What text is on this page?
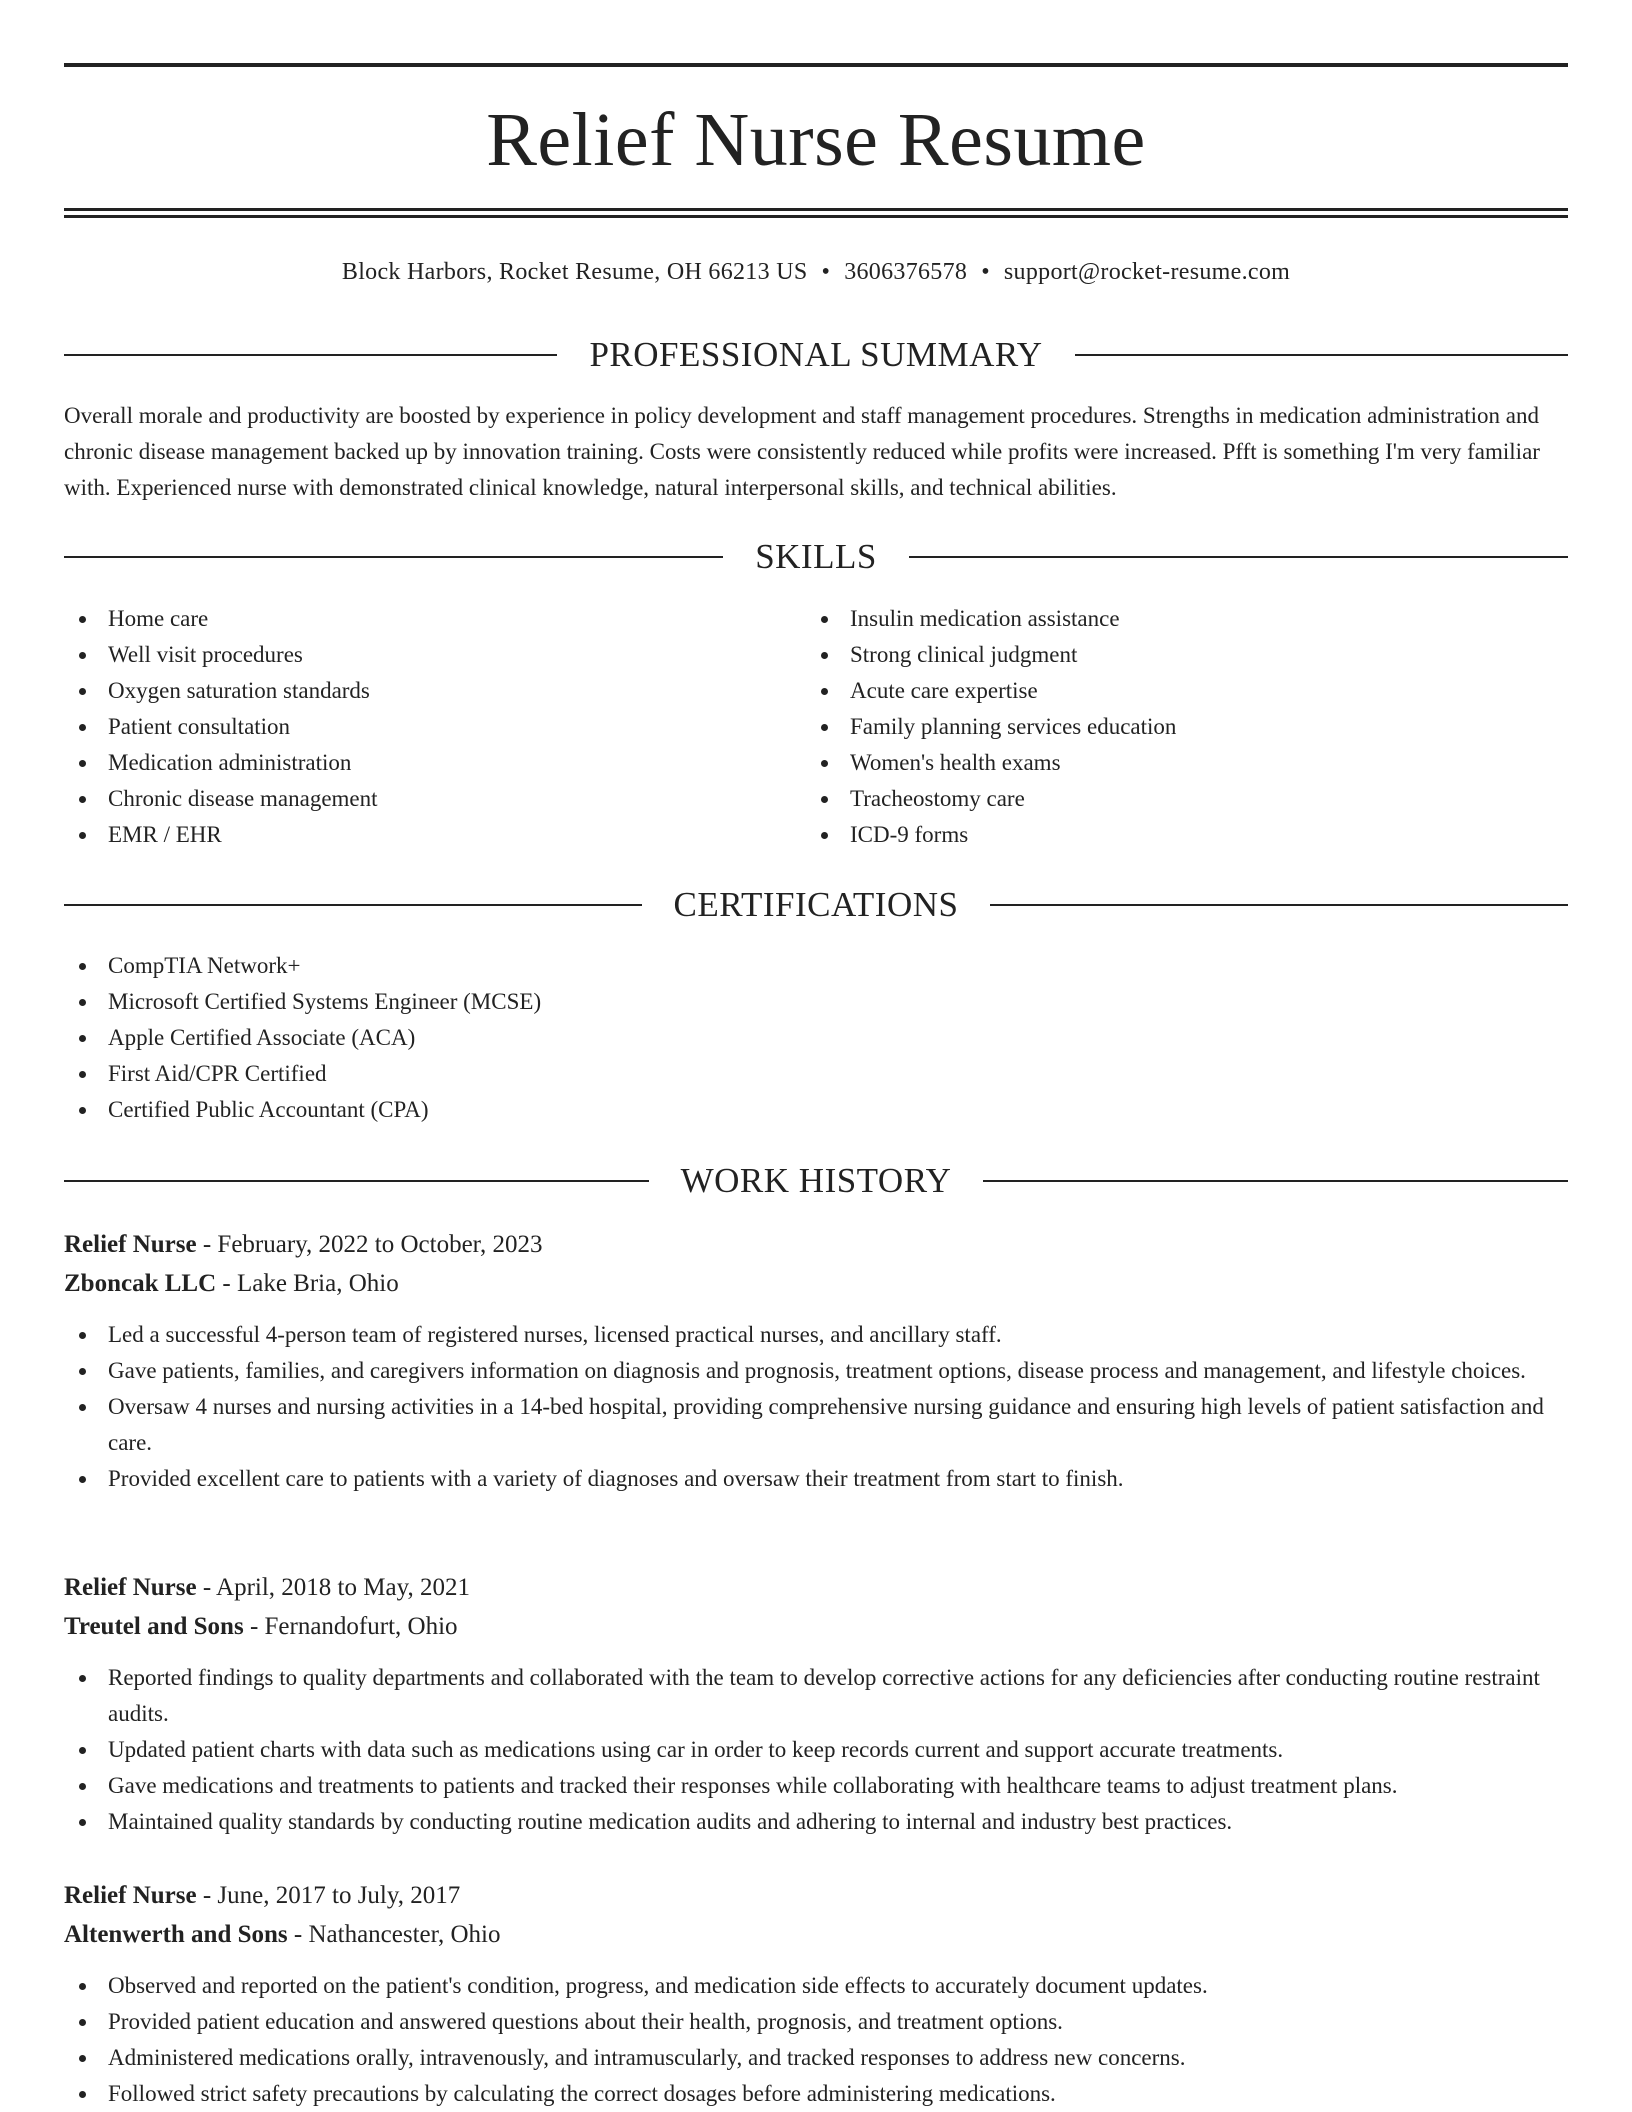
Relief Nurse Resume
Block Harbors, Rocket Resume, OH 66213 US • 3606376578 • support@rocket-resume.com
PROFESSIONAL SUMMARY

Overall morale and productivity are boosted by experience in policy development and staff management procedures. Strengths in medication administration and chronic disease management backed up by innovation training. Costs were consistently reduced while profits were increased. Pfft is something I'm very familiar with. Experienced nurse with demonstrated clinical knowledge, natural interpersonal skills, and technical abilities.

SKILLS
Home care
Well visit procedures
Oxygen saturation standards
Patient consultation
Medication administration
Chronic disease management
EMR / EHR
Insulin medication assistance
Strong clinical judgment
Acute care expertise
Family planning services education
Women's health exams
Tracheostomy care
ICD-9 forms
CERTIFICATIONS
CompTIA Network+
Microsoft Certified Systems Engineer (MCSE)
Apple Certified Associate (ACA)
First Aid/CPR Certified
Certified Public Accountant (CPA)
WORK HISTORY
Relief Nurse - February, 2022 to October, 2023
Zboncak LLC - Lake Bria, Ohio
Led a successful 4-person team of registered nurses, licensed practical nurses, and ancillary staff.
Gave patients, families, and caregivers information on diagnosis and prognosis, treatment options, disease process and management, and lifestyle choices.
Oversaw 4 nurses and nursing activities in a 14-bed hospital, providing comprehensive nursing guidance and ensuring high levels of patient satisfaction and care.
Provided excellent care to patients with a variety of diagnoses and oversaw their treatment from start to finish.
Relief Nurse - April, 2018 to May, 2021
Treutel and Sons - Fernandofurt, Ohio
Reported findings to quality departments and collaborated with the team to develop corrective actions for any deficiencies after conducting routine restraint audits.
Updated patient charts with data such as medications using car in order to keep records current and support accurate treatments.
Gave medications and treatments to patients and tracked their responses while collaborating with healthcare teams to adjust treatment plans.
Maintained quality standards by conducting routine medication audits and adhering to internal and industry best practices.
Relief Nurse - June, 2017 to July, 2017
Altenwerth and Sons - Nathancester, Ohio
Observed and reported on the patient's condition, progress, and medication side effects to accurately document updates.
Provided patient education and answered questions about their health, prognosis, and treatment options.
Administered medications orally, intravenously, and intramuscularly, and tracked responses to address new concerns.
Followed strict safety precautions by calculating the correct dosages before administering medications.
